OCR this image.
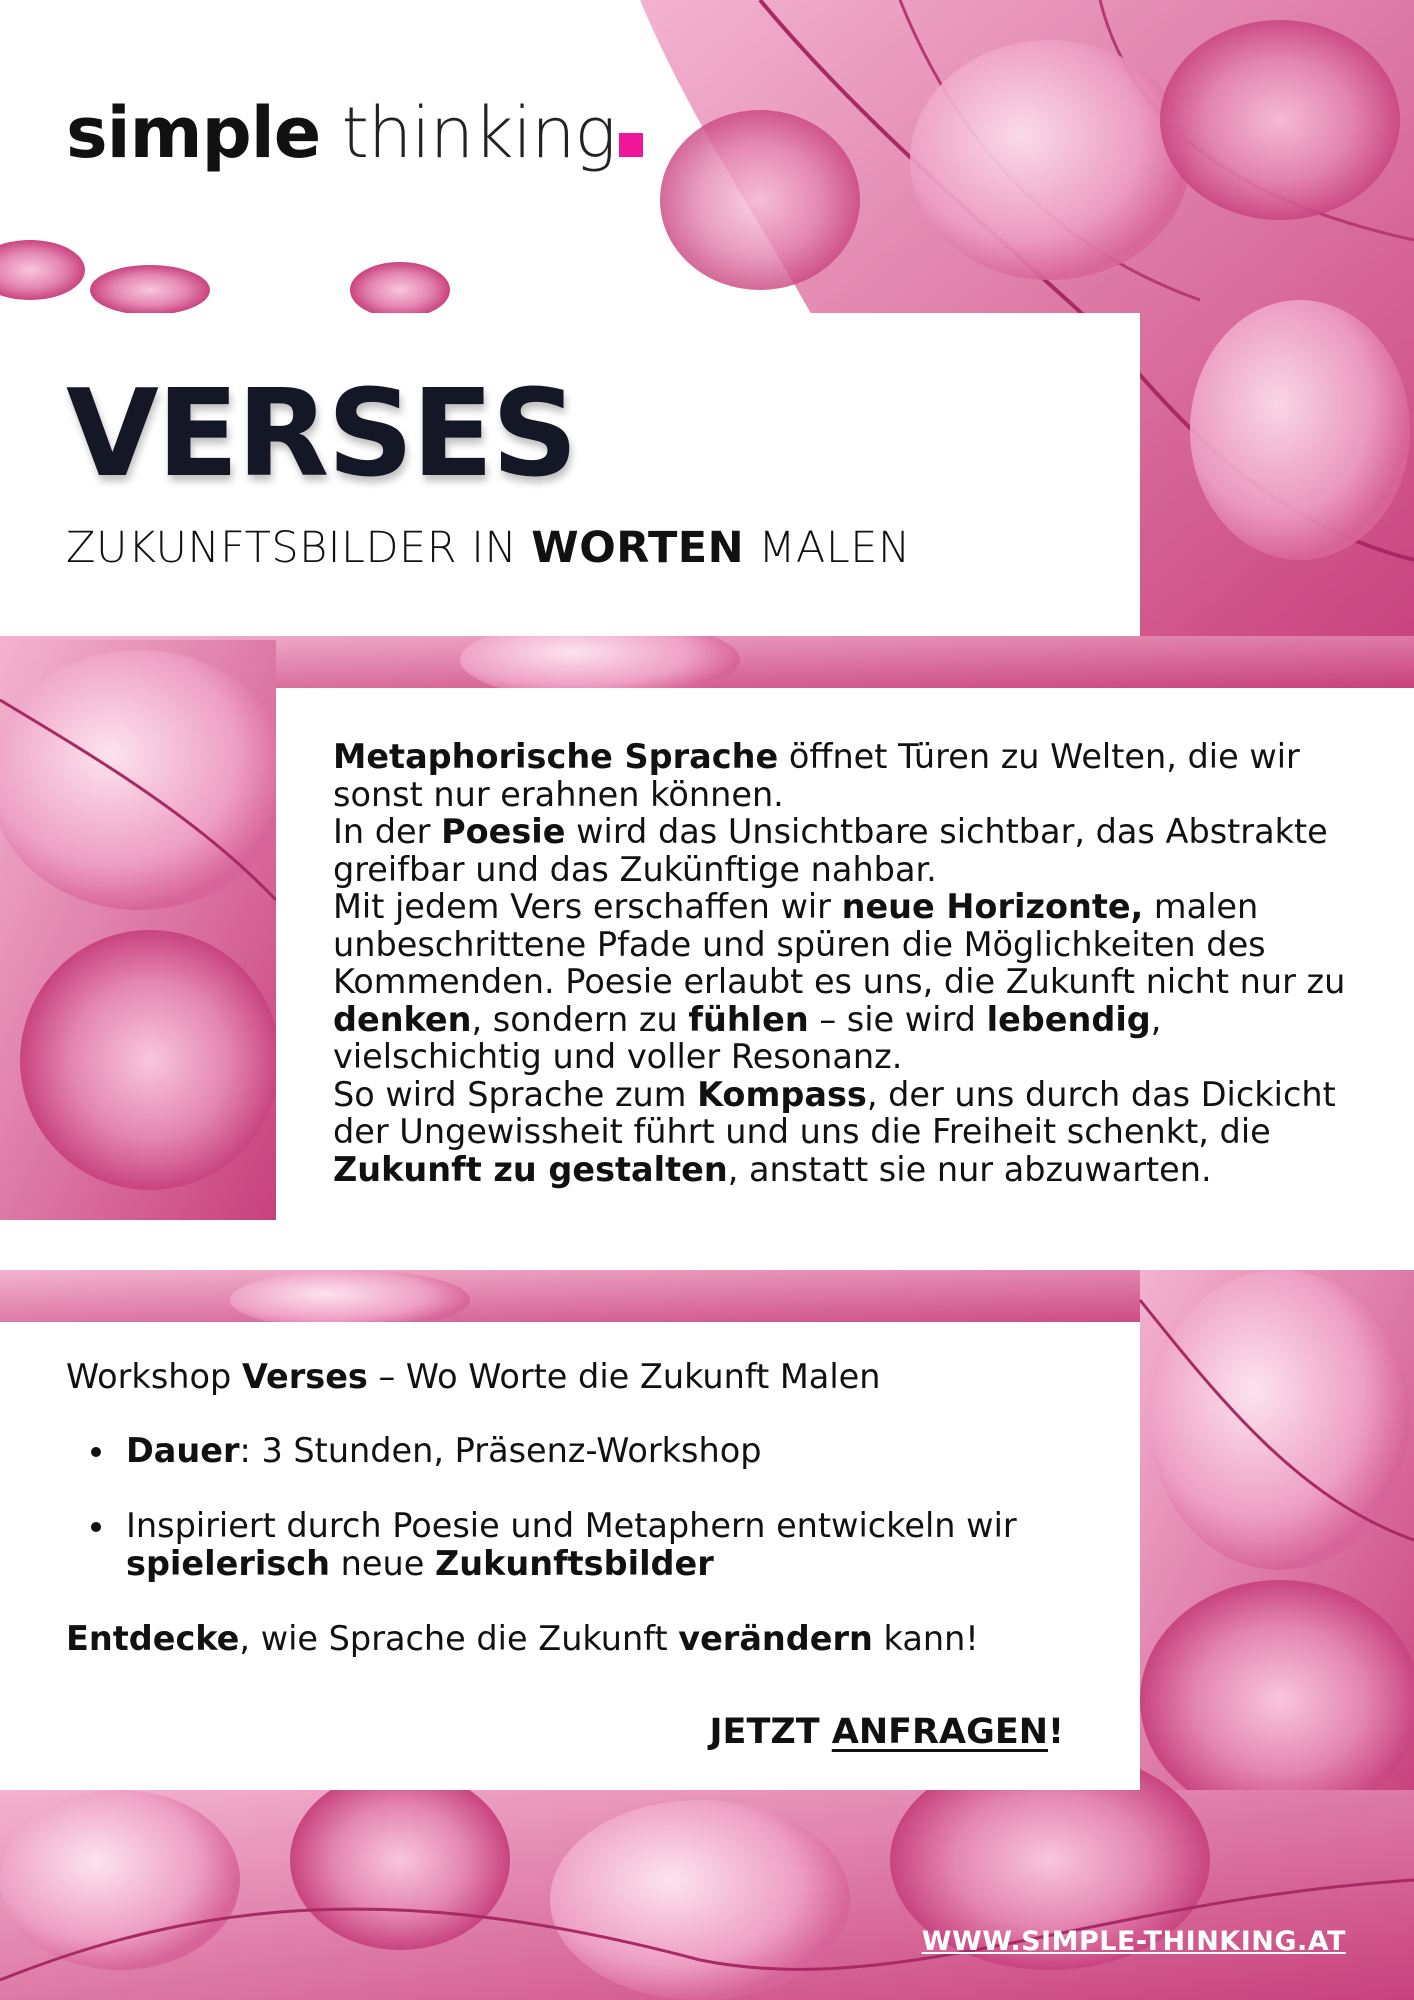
simple thinking
VERSES
ZUKUNFTSBILDER IN WORTEN MALEN

Metaphorische Sprache öffnet Türen zu Welten, die wir sonst nur erahnen können.
In der Poesie wird das Unsichtbare sichtbar, das Abstrakte greifbar und das Zukünftige nahbar.
Mit jedem Vers erschaffen wir neue Horizonte, malen unbeschrittene Pfade und spüren die Möglichkeiten des Kommenden. Poesie erlaubt es uns, die Zukunft nicht nur zu denken, sondern zu fühlen – sie wird lebendig, vielschichtig und voller Resonanz.
So wird Sprache zum Kompass, der uns durch das Dickicht der Ungewissheit führt und uns die Freiheit schenkt, die Zukunft zu gestalten, anstatt sie nur abzuwarten.

Workshop Verses – Wo Worte die Zukunft Malen

Dauer: 3 Stunden, Präsenz-Workshop
Inspiriert durch Poesie und Metaphern entwickeln wir spielerisch neue Zukunftsbilder

Entdecke, wie Sprache die Zukunft verändern kann!

JETZT ANFRAGEN!
WWW.SIMPLE-THINKING.AT
